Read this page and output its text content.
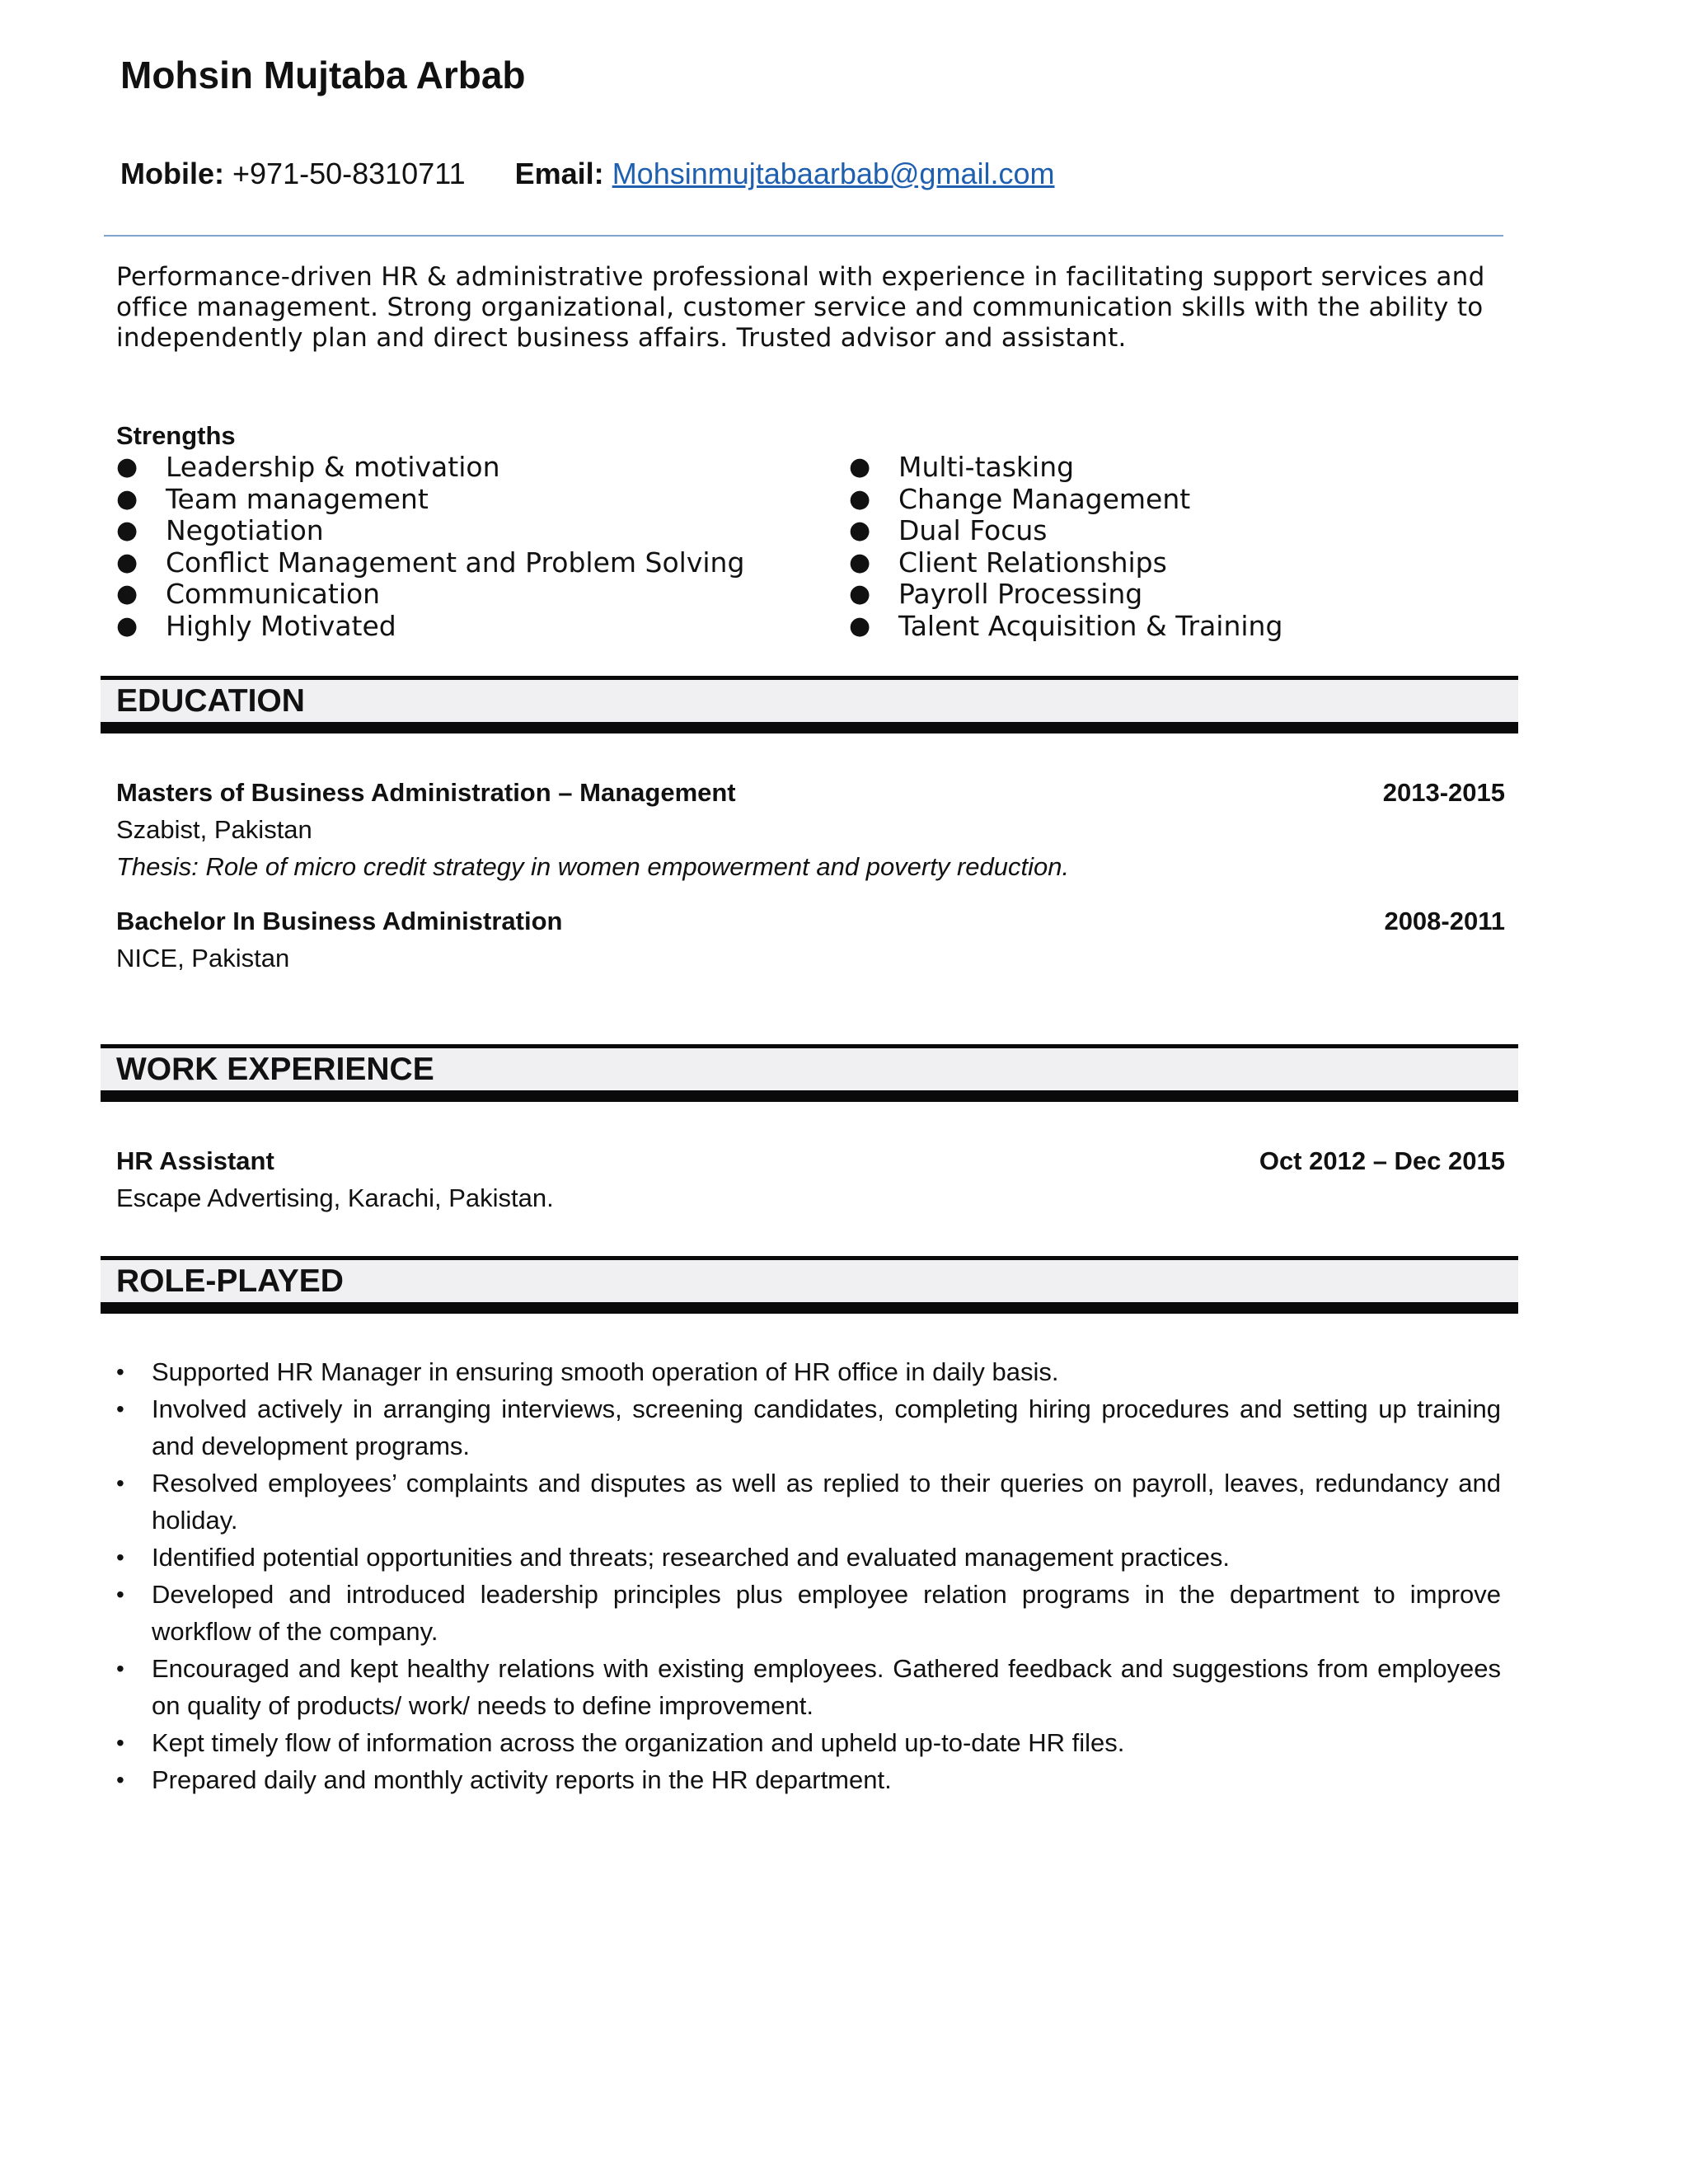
Mohsin Mujtaba Arbab
Mobile: +971-50-8310711 Email: Mohsinmujtabaarbab@gmail.com
Performance-driven HR & administrative professional with experience in facilitating support services and office management. Strong organizational, customer service and communication skills with the ability to independently plan and direct business affairs. Trusted advisor and assistant.
Strengths
● Leadership & motivation
● Team management
● Negotiation
● Conflict Management and Problem Solving
● Communication
● Highly Motivated
● Multi-tasking
● Change Management
● Dual Focus
● Client Relationships
● Payroll Processing
● Talent Acquisition & Training
EDUCATION
Masters of Business Administration – Management	2013-2015
Szabist, Pakistan
Thesis: Role of micro credit strategy in women empowerment and poverty reduction.
Bachelor In Business Administration	2008-2011
NICE, Pakistan
WORK EXPERIENCE
HR Assistant	Oct 2012 – Dec 2015
Escape Advertising, Karachi, Pakistan.
ROLE-PLAYED
• Supported HR Manager in ensuring smooth operation of HR office in daily basis.
• Involved actively in arranging interviews, screening candidates, completing hiring procedures and setting up training and development programs.
• Resolved employees’ complaints and disputes as well as replied to their queries on payroll, leaves, redundancy and holiday.
• Identified potential opportunities and threats; researched and evaluated management practices.
• Developed and introduced leadership principles plus employee relation programs in the department to improve workflow of the company.
• Encouraged and kept healthy relations with existing employees. Gathered feedback and suggestions from employees on quality of products/ work/ needs to define improvement.
• Kept timely flow of information across the organization and upheld up-to-date HR files.
• Prepared daily and monthly activity reports in the HR department.
